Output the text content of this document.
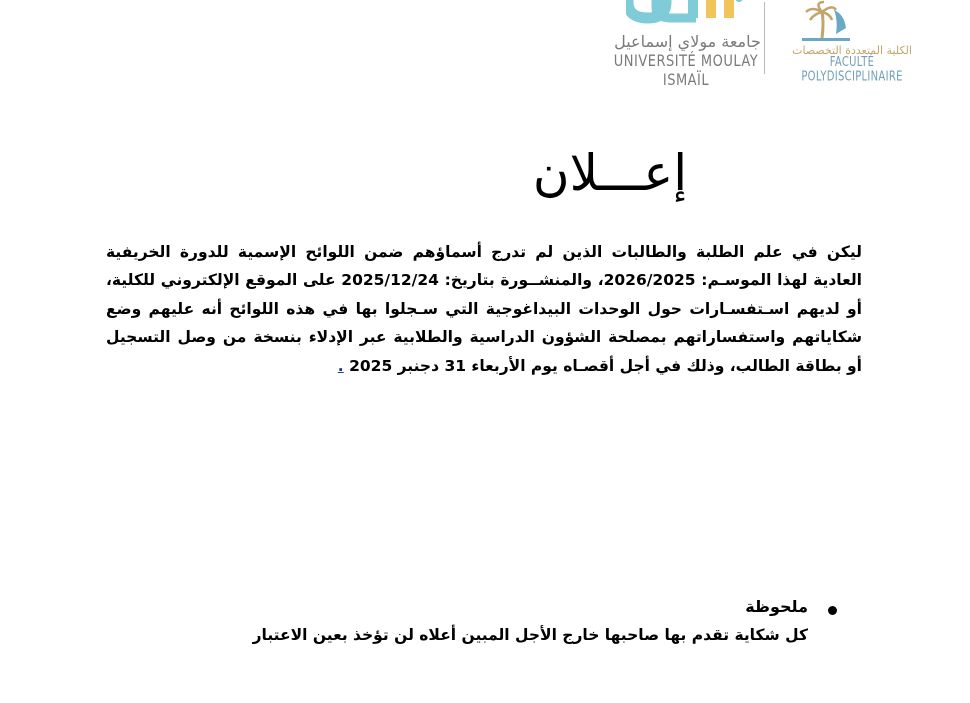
جامعة مولاي إسماعيل
UNIVERSITÉ MOULAY ISMAÏL
الكلية المتعددة التخصصات
FACULTÉ POLYDISCIPLINAIRE
إعـــلان
ليكن في علم الطلبة والطالبات الذين لم تدرج أسماؤهم ضمن اللوائح الإسمية للدورة الخريفية العادية لهذا الموسـم: 2026/2025، والمنشــورة بتاريخ: 2025/12/24 على الموقع الإلكتروني للكلية، أو لديهم اسـتفسـارات حول الوحدات البيداغوجية التي سـجلوا بها في هذه اللوائح أنه عليهم وضع شكاياتهم واستفساراتهم بمصلحة الشؤون الدراسية والطلابية عبر الإدلاء بنسخة من وصل التسجيل أو بطاقة الطالب، وذلك في أجل أقصـاه يوم الأربعاء 31 دجنبر 2025 .
ملحوظة
كل شكاية تقدم بها صاحبها خارج الأجل المبين أعلاه لن تؤخذ بعين الاعتبار
